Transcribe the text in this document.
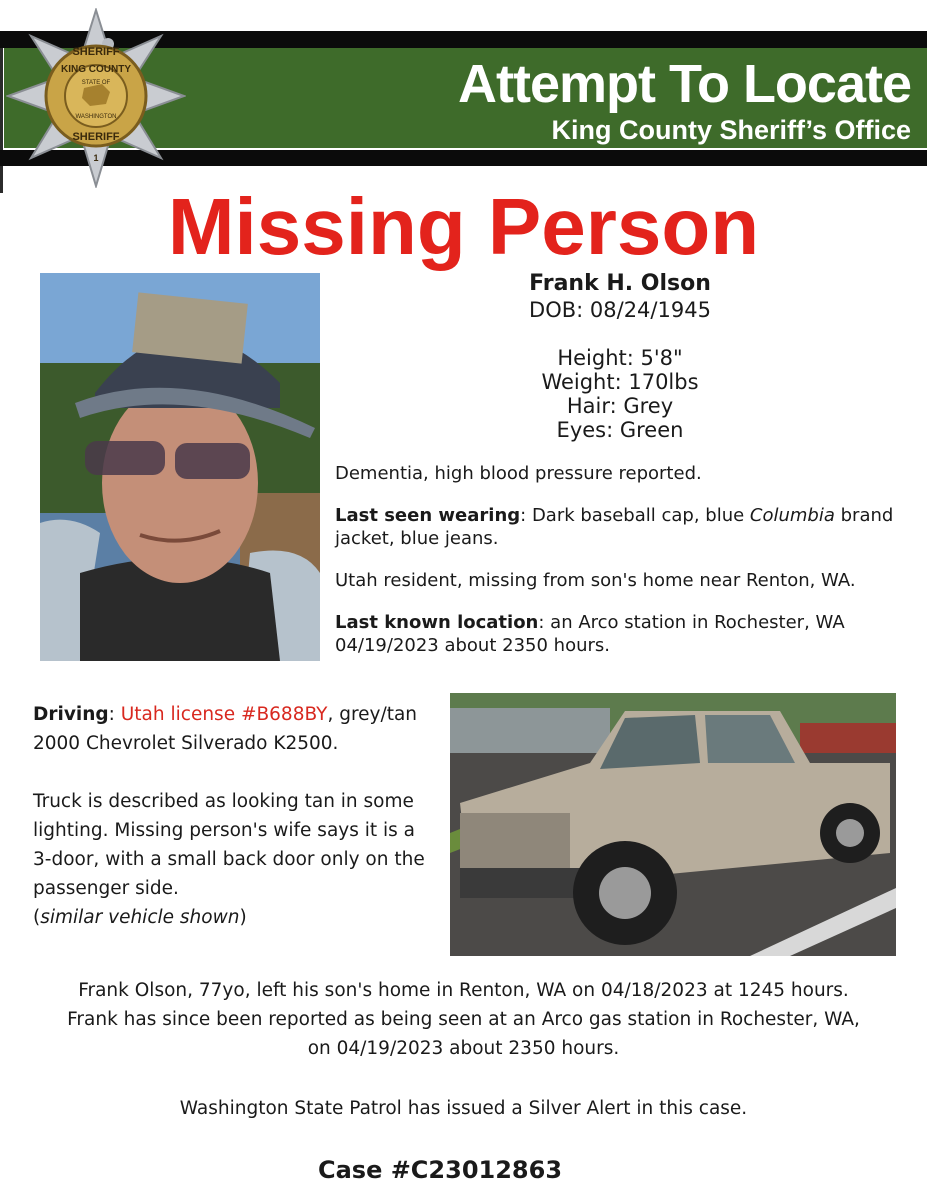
SHERIFF
KING COUNTY
STATE OF
WASHINGTON
SHERIFF
1
Attempt To Locate
King County Sheriff’s Office
Missing Person
Frank H. Olson
DOB: 08/24/1945
Height: 5'8"
Weight: 170lbs
Hair: Grey
Eyes: Green

Dementia, high blood pressure reported.

Last seen wearing: Dark baseball cap, blue Columbia brand jacket, blue jeans.

Utah resident, missing from son's home near Renton, WA.

Last known location: an Arco station in Rochester, WA 04/19/2023 about 2350 hours.

Driving: Utah license #B688BY, grey/tan 2000 Chevrolet Silverado K2500.

Truck is described as looking tan in some lighting. Missing person's wife says it is a 3-door, with a small back door only on the passenger side.
(similar vehicle shown)

Frank Olson, 77yo, left his son's home in Renton, WA on 04/18/2023 at 1245 hours.
Frank has since been reported as being seen at an Arco gas station in Rochester, WA,
on 04/19/2023 about 2350 hours.
Washington State Patrol has issued a Silver Alert in this case.
Case #C23012863
